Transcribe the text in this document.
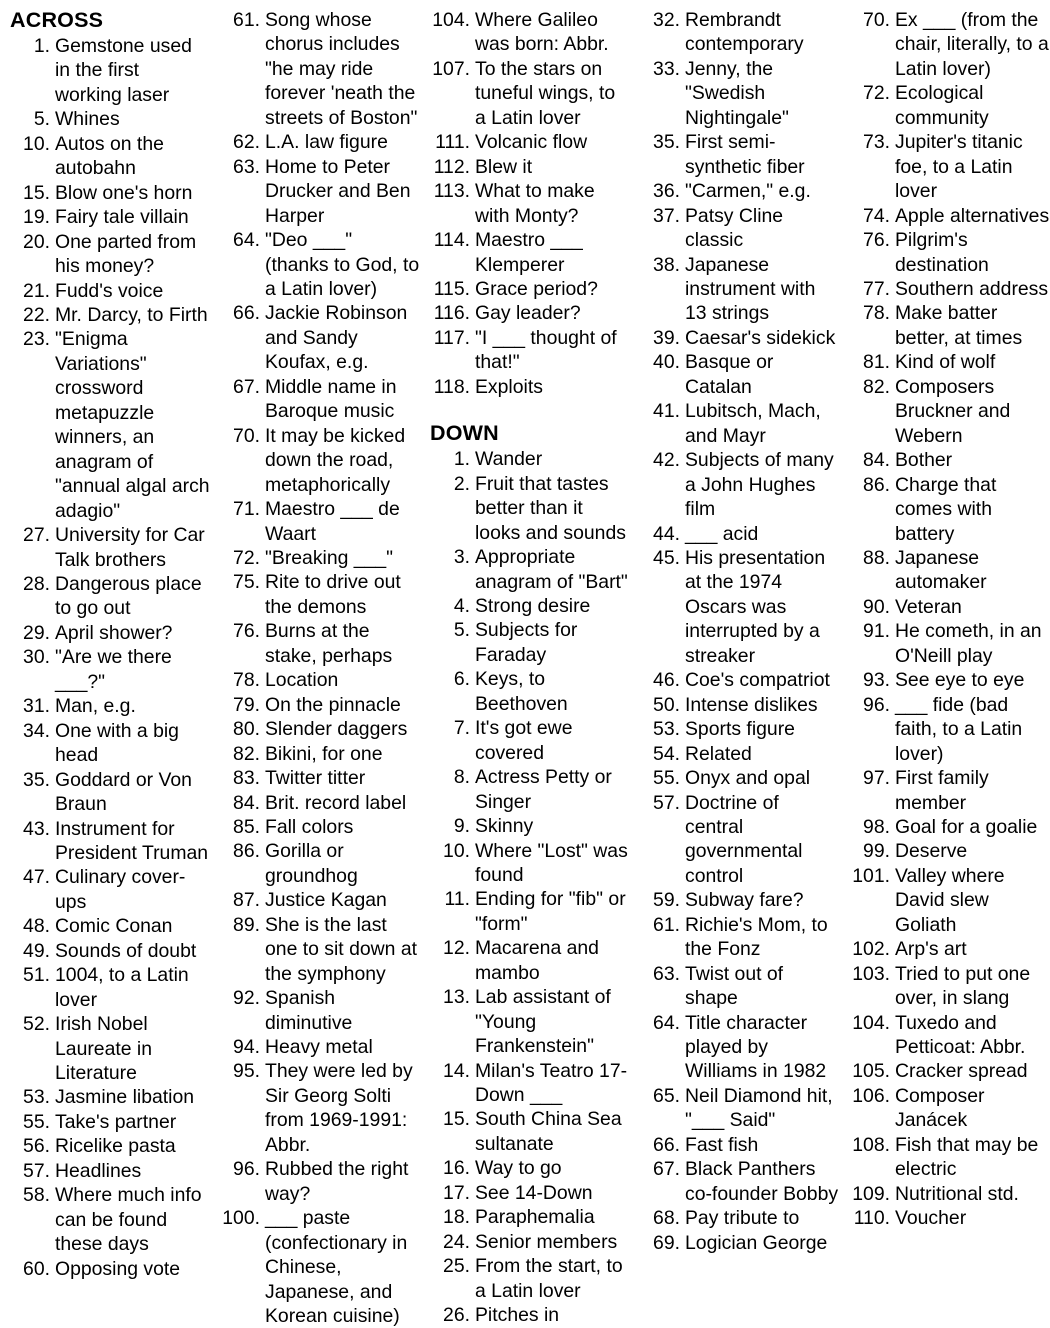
ACROSS
1. Gemstone used in the first working laser
5. Whines
10. Autos on the autobahn
15. Blow one's horn
19. Fairy tale villain
20. One parted from his money?
21. Fudd's voice
22. Mr. Darcy, to Firth
23. "Enigma Variations" crossword metapuzzle winners, an anagram of "annual algal arch adagio"
27. University for Car Talk brothers
28. Dangerous place to go out
29. April shower?
30. "Are we there ___?"
31. Man, e.g.
34. One with a big head
35. Goddard or Von Braun
43. Instrument for President Truman
47. Culinary cover-ups
48. Comic Conan
49. Sounds of doubt
51. 1004, to a Latin lover
52. Irish Nobel Laureate in Literature
53. Jasmine libation
55. Take's partner
56. Ricelike pasta
57. Headlines
58. Where much info can be found these days
60. Opposing vote
61. Song whose chorus includes "he may ride forever 'neath the streets of Boston"
62. L.A. law figure
63. Home to Peter Drucker and Ben Harper
64. "Deo ___" (thanks to God, to a Latin lover)
66. Jackie Robinson and Sandy Koufax, e.g.
67. Middle name in Baroque music
70. It may be kicked down the road, metaphorically
71. Maestro ___ de Waart
72. "Breaking ___"
75. Rite to drive out the demons
76. Burns at the stake, perhaps
78. Location
79. On the pinnacle
80. Slender daggers
82. Bikini, for one
83. Twitter titter
84. Brit. record label
85. Fall colors
86. Gorilla or groundhog
87. Justice Kagan
89. She is the last one to sit down at the symphony
92. Spanish diminutive
94. Heavy metal
95. They were led by Sir Georg Solti from 1969-1991: Abbr.
96. Rubbed the right way?
100. ___ paste (confectionary in Chinese, Japanese, and Korean cuisine)
104. Where Galileo was born: Abbr.
107. To the stars on tuneful wings, to a Latin lover
111. Volcanic flow
112. Blew it
113. What to make with Monty?
114. Maestro ___ Klemperer
115. Grace period?
116. Gay leader?
117. "I ___ thought of that!"
118. Exploits
DOWN
1. Wander
2. Fruit that tastes better than it looks and sounds
3. Appropriate anagram of "Bart"
4. Strong desire
5. Subjects for Faraday
6. Keys, to Beethoven
7. It's got ewe covered
8. Actress Petty or Singer
9. Skinny
10. Where "Lost" was found
11. Ending for "fib" or "form"
12. Macarena and mambo
13. Lab assistant of "Young Frankenstein"
14. Milan's Teatro 17-Down ___
15. South China Sea sultanate
16. Way to go
17. See 14-Down
18. Paraphemalia
24. Senior members
25. From the start, to a Latin lover
26. Pitches in
32. Rembrandt contemporary
33. Jenny, the "Swedish Nightingale"
35. First semi-synthetic fiber
36. "Carmen," e.g.
37. Patsy Cline classic
38. Japanese instrument with 13 strings
39. Caesar's sidekick
40. Basque or Catalan
41. Lubitsch, Mach, and Mayr
42. Subjects of many a John Hughes film
44. ___ acid
45. His presentation at the 1974 Oscars was interrupted by a streaker
46. Coe's compatriot
50. Intense dislikes
53. Sports figure
54. Related
55. Onyx and opal
57. Doctrine of central governmental control
59. Subway fare?
61. Richie's Mom, to the Fonz
63. Twist out of shape
64. Title character played by Williams in 1982
65. Neil Diamond hit, "___ Said"
66. Fast fish
67. Black Panthers co-founder Bobby
68. Pay tribute to
69. Logician George
70. Ex ___ (from the chair, literally, to a Latin lover)
72. Ecological community
73. Jupiter's titanic foe, to a Latin lover
74. Apple alternatives
76. Pilgrim's destination
77. Southern address
78. Make batter better, at times
81. Kind of wolf
82. Composers Bruckner and Webern
84. Bother
86. Charge that comes with battery
88. Japanese automaker
90. Veteran
91. He cometh, in an O'Neill play
93. See eye to eye
96. ___ fide (bad faith, to a Latin lover)
97. First family member
98. Goal for a goalie
99. Deserve
101. Valley where David slew Goliath
102. Arp's art
103. Tried to put one over, in slang
104. Tuxedo and Petticoat: Abbr.
105. Cracker spread
106. Composer Janácek
108. Fish that may be electric
109. Nutritional std.
110. Voucher
